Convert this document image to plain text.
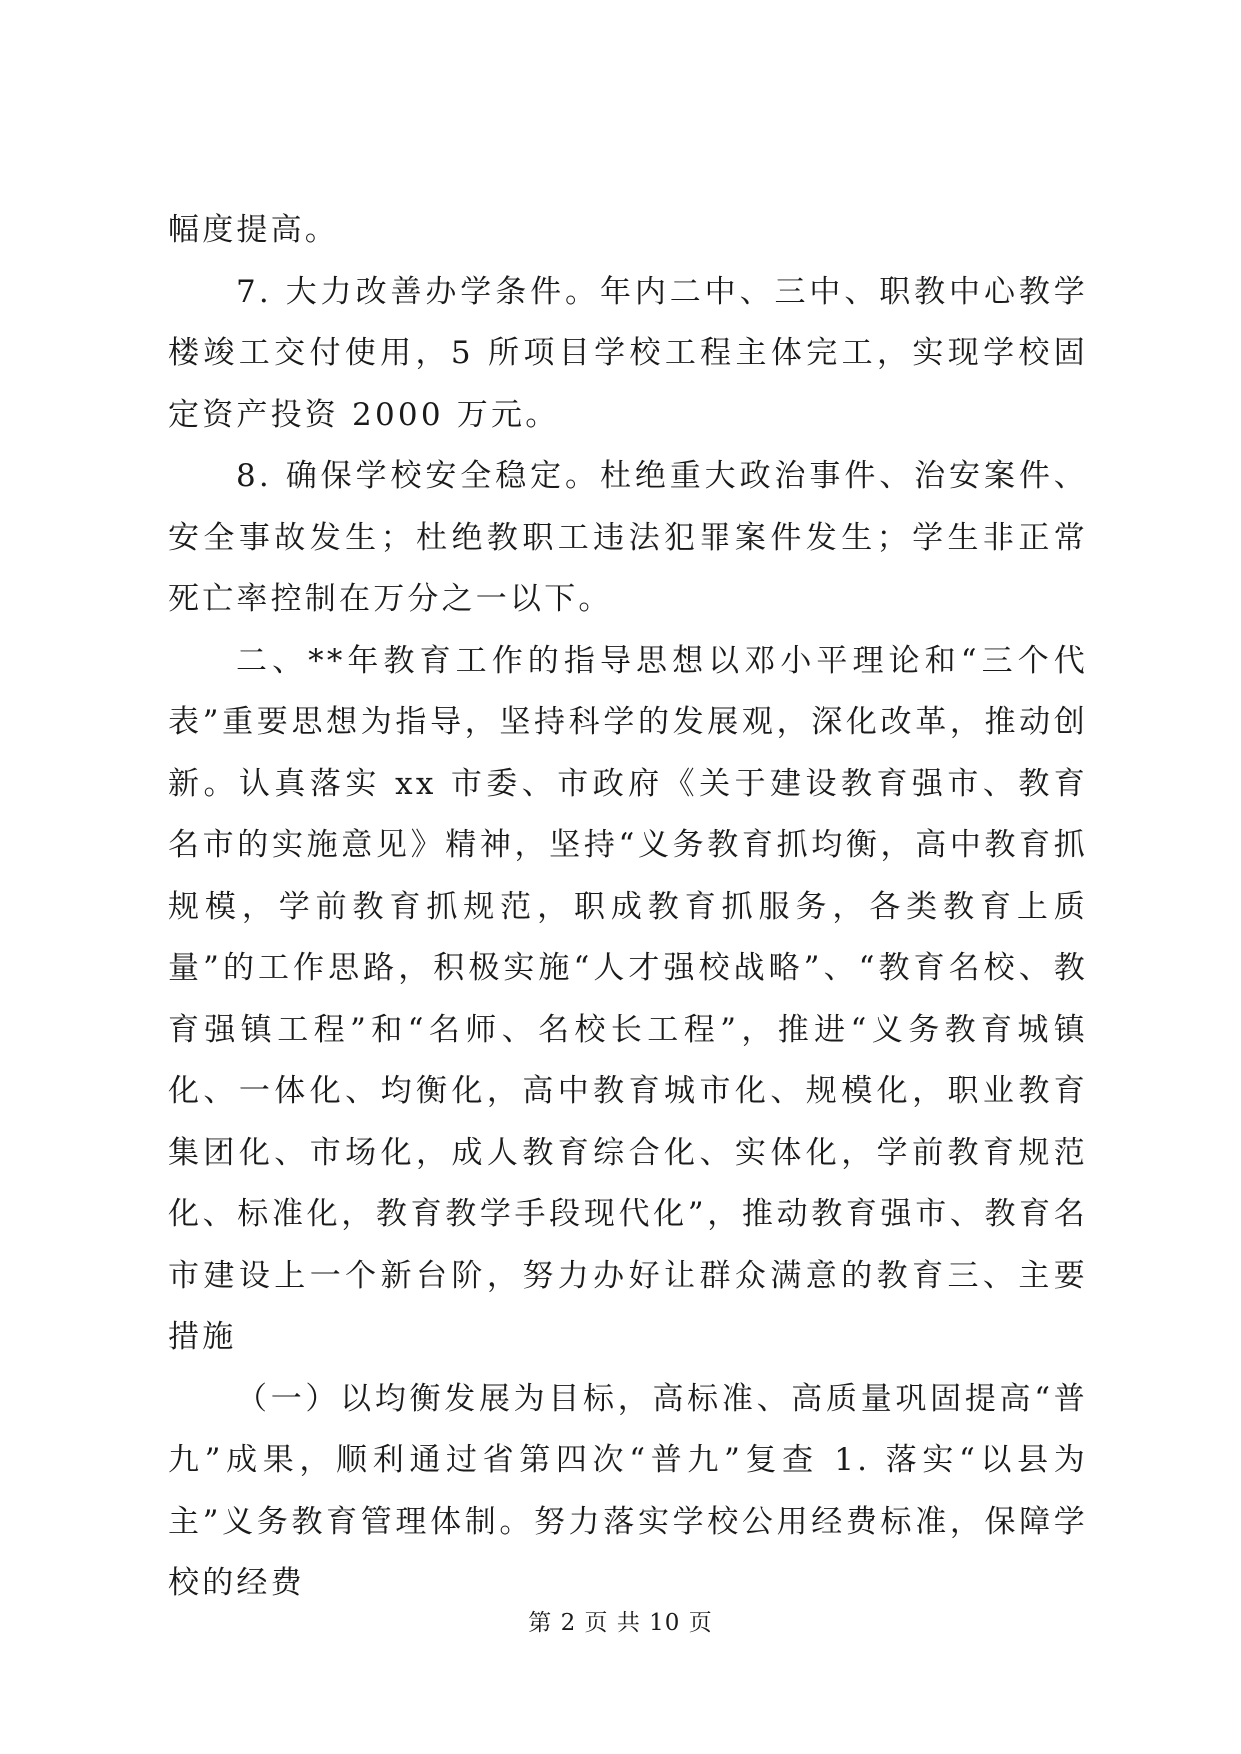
幅度提高。

7. 大力改善办学条件。年内二中、三中、职教中心教学楼竣工交付使用，5 所项目学校工程主体完工，实现学校固定资产投资 2000 万元。

8. 确保学校安全稳定。杜绝重大政治事件、治安案件、安全事故发生；杜绝教职工违法犯罪案件发生；学生非正常死亡率控制在万分之一以下。

二、**年教育工作的指导思想以邓小平理论和“三个代表”重要思想为指导，坚持科学的发展观，深化改革，推动创新。认真落实 xx 市委、市政府《关于建设教育强市、教育名市的实施意见》精神，坚持“义务教育抓均衡，高中教育抓规模，学前教育抓规范，职成教育抓服务，各类教育上质量”的工作思路，积极实施“人才强校战略”、“教育名校、教育强镇工程”和“名师、名校长工程”，推进“义务教育城镇化、一体化、均衡化，高中教育城市化、规模化，职业教育集团化、市场化，成人教育综合化、实体化，学前教育规范化、标准化，教育教学手段现代化”，推动教育强市、教育名市建设上一个新台阶，努力办好让群众满意的教育三、主要措施

（一）以均衡发展为目标，高标准、高质量巩固提高“普九”成果，顺利通过省第四次“普九”复查 1. 落实“以县为主”义务教育管理体制。努力落实学校公用经费标准，保障学校的经费

第 2 页 共 10 页
